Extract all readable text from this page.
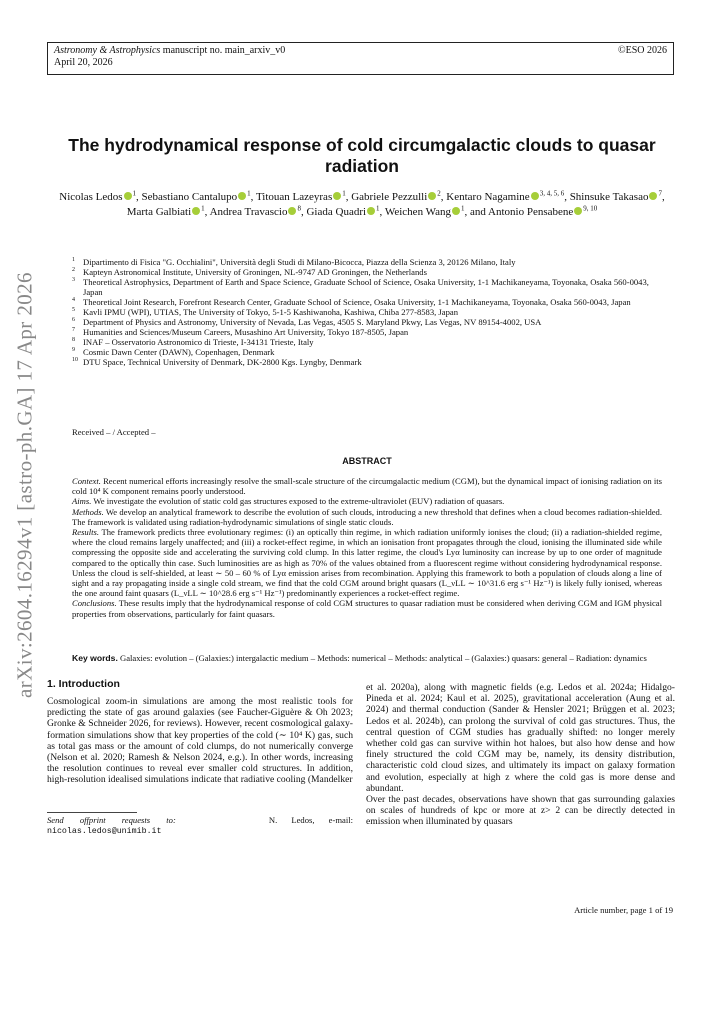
Astronomy & Astrophysics manuscript no. main_arxiv_v0	©ESO 2026
April 20, 2026
arXiv:2604.16294v1 [astro-ph.GA] 17 Apr 2026
The hydrodynamical response of cold circumgalactic clouds to quasar radiation
Nicolas Ledos $^1$, Sebastiano Cantalupo $^1$, Titouan Lazeyras $^1$, Gabriele Pezzulli $^2$, Kentaro Nagamine $^{3, 4, 5, 6}$, Shinsuke Takasao $^7$, Marta Galbiati $^1$, Andrea Travascio $^8$, Giada Quadri $^1$, Weichen Wang $^1$, and Antonio Pensabene $^{9, 10}$
1 Dipartimento di Fisica "G. Occhialini", Università degli Studi di Milano-Bicocca, Piazza della Scienza 3, 20126 Milano, Italy
2 Kapteyn Astronomical Institute, University of Groningen, NL-9747 AD Groningen, the Netherlands
3 Theoretical Astrophysics, Department of Earth and Space Science, Graduate School of Science, Osaka University, 1-1 Machikaneyama, Toyonaka, Osaka 560-0043, Japan
4 Theoretical Joint Research, Forefront Research Center, Graduate School of Science, Osaka University, 1-1 Machikaneyama, Toyonaka, Osaka 560-0043, Japan
5 Kavli IPMU (WPI), UTIAS, The University of Tokyo, 5-1-5 Kashiwanoha, Kashiwa, Chiba 277-8583, Japan
6 Department of Physics and Astronomy, University of Nevada, Las Vegas, 4505 S. Maryland Pkwy, Las Vegas, NV 89154-4002, USA
7 Humanities and Sciences/Museum Careers, Musashino Art University, Tokyo 187-8505, Japan
8 INAF – Osservatorio Astronomico di Trieste, I-34131 Trieste, Italy
9 Cosmic Dawn Center (DAWN), Copenhagen, Denmark
10 DTU Space, Technical University of Denmark, DK-2800 Kgs. Lyngby, Denmark
Received – / Accepted –
ABSTRACT

Context. Recent numerical efforts increasingly resolve the small-scale structure of the circumgalactic medium (CGM), but the dynamical impact of ionising radiation on its cold 10⁴ K component remains poorly understood.

Aims. We investigate the evolution of static cold gas structures exposed to the extreme-ultraviolet (EUV) radiation of quasars.

Methods. We develop an analytical framework to describe the evolution of such clouds, introducing a new threshold that defines when a cloud becomes radiation-shielded. The framework is validated using radiation-hydrodynamic simulations of single static clouds.

Results. The framework predicts three evolutionary regimes: (i) an optically thin regime, in which radiation uniformly ionises the cloud; (ii) a radiation-shielded regime, where the cloud remains largely unaffected; and (iii) a rocket-effect regime, in which an ionisation front propagates through the cloud, ionising the illuminated side while compressing the opposite side and accelerating the surviving cold clump. In this latter regime, the cloud's Lyα luminosity can increase by up to one order of magnitude compared to the optically thin case. Such luminosities are as high as 70% of the values obtained from a fluorescent regime without considering hydrodynamical response. Unless the cloud is self-shielded, at least ∼ 50 – 60 % of Lyα emission arises from recombination. Applying this framework to both a population of clouds along a line of sight and a ray propagating inside a single cold stream, we find that the cold CGM around bright quasars (L_νLL ∼ 10^31.6 erg s⁻¹ Hz⁻¹) is likely fully ionised, whereas the one around faint quasars (L_νLL ∼ 10^28.6 erg s⁻¹ Hz⁻¹) predominantly experiences a rocket-effect regime.

Conclusions. These results imply that the hydrodynamical response of cold CGM structures to quasar radiation must be considered when deriving CGM and IGM physical properties from observations, particularly for faint quasars.

Key words. Galaxies: evolution – (Galaxies:) intergalactic medium – Methods: numerical – Methods: analytical – (Galaxies:) quasars: general – Radiation: dynamics
1. Introduction

Cosmological zoom-in simulations are among the most realistic tools for predicting the state of gas around galaxies (see Faucher-Giguère & Oh 2023; Gronke & Schneider 2026, for reviews). However, recent cosmological galaxy-formation simulations show that key properties of the cold (∼ 10⁴ K) gas, such as total gas mass or the amount of cold clumps, do not numerically converge (Nelson et al. 2020; Ramesh & Nelson 2024, e.g.). In other words, increasing the resolution continues to reveal ever smaller cold structures. In addition, high-resolution idealised simulations indicate that radiative cooling (Mandelker

et al. 2020a), along with magnetic fields (e.g. Ledos et al. 2024a; Hidalgo-Pineda et al. 2024; Kaul et al. 2025), gravitational acceleration (Aung et al. 2024) and thermal conduction (Sander & Hensler 2021; Brüggen et al. 2023; Ledos et al. 2024b), can prolong the survival of cold gas structures. Thus, the central question of CGM studies has gradually shifted: no longer merely whether cold gas can survive within hot haloes, but also how dense and how finely structured the cold CGM may be, namely, its density distribution, characteristic cold cloud sizes, and ultimately its impact on galaxy formation and evolution, especially at high z where the cold gas is more dense and abundant.

Over the past decades, observations have shown that gas surrounding galaxies on scales of hundreds of kpc or more at z> 2 can be directly detected in emission when illuminated by quasars

Send offprint requests to:	N. Ledos, e-mail:
nicolas.ledos@unimib.it
Article number, page 1 of 19
